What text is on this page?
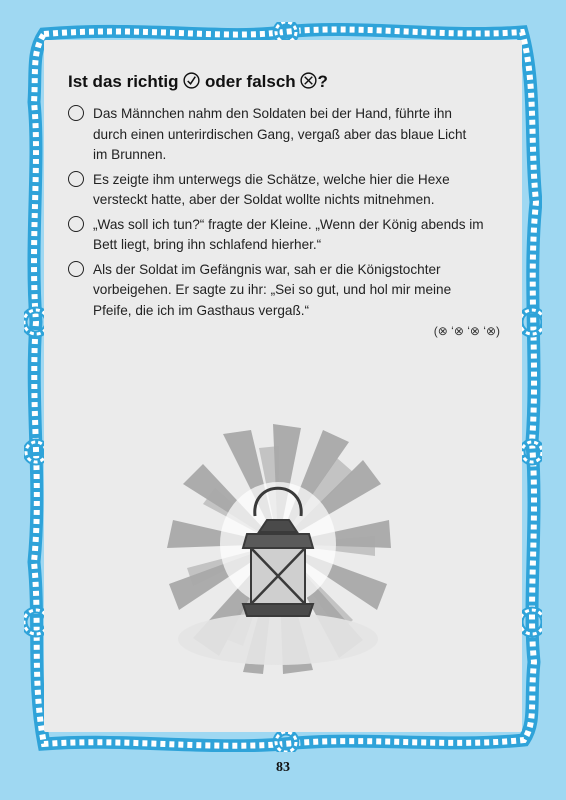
Ist das richtig oder falsch ?
Das Männchen nahm den Soldaten bei der Hand, führte ihn
durch einen unterirdischen Gang, vergaß aber das blaue Licht
im Brunnen.
Es zeigte ihm unterwegs die Schätze, welche hier die Hexe
versteckt hatte, aber der Soldat wollte nichts mitnehmen.
„Was soll ich tun?“ fragte der Kleine. „Wenn der König abends im
Bett liegt, bring ihn schlafend hierher.“
Als der Soldat im Gefängnis war, sah er die Königstochter
vorbeigehen. Er sagte zu ihr: „Sei so gut, und hol mir meine
Pfeife, die ich im Gasthaus vergaß.“
(⊗ ‘⊗ ‘⊗ ‘⊗)
83
